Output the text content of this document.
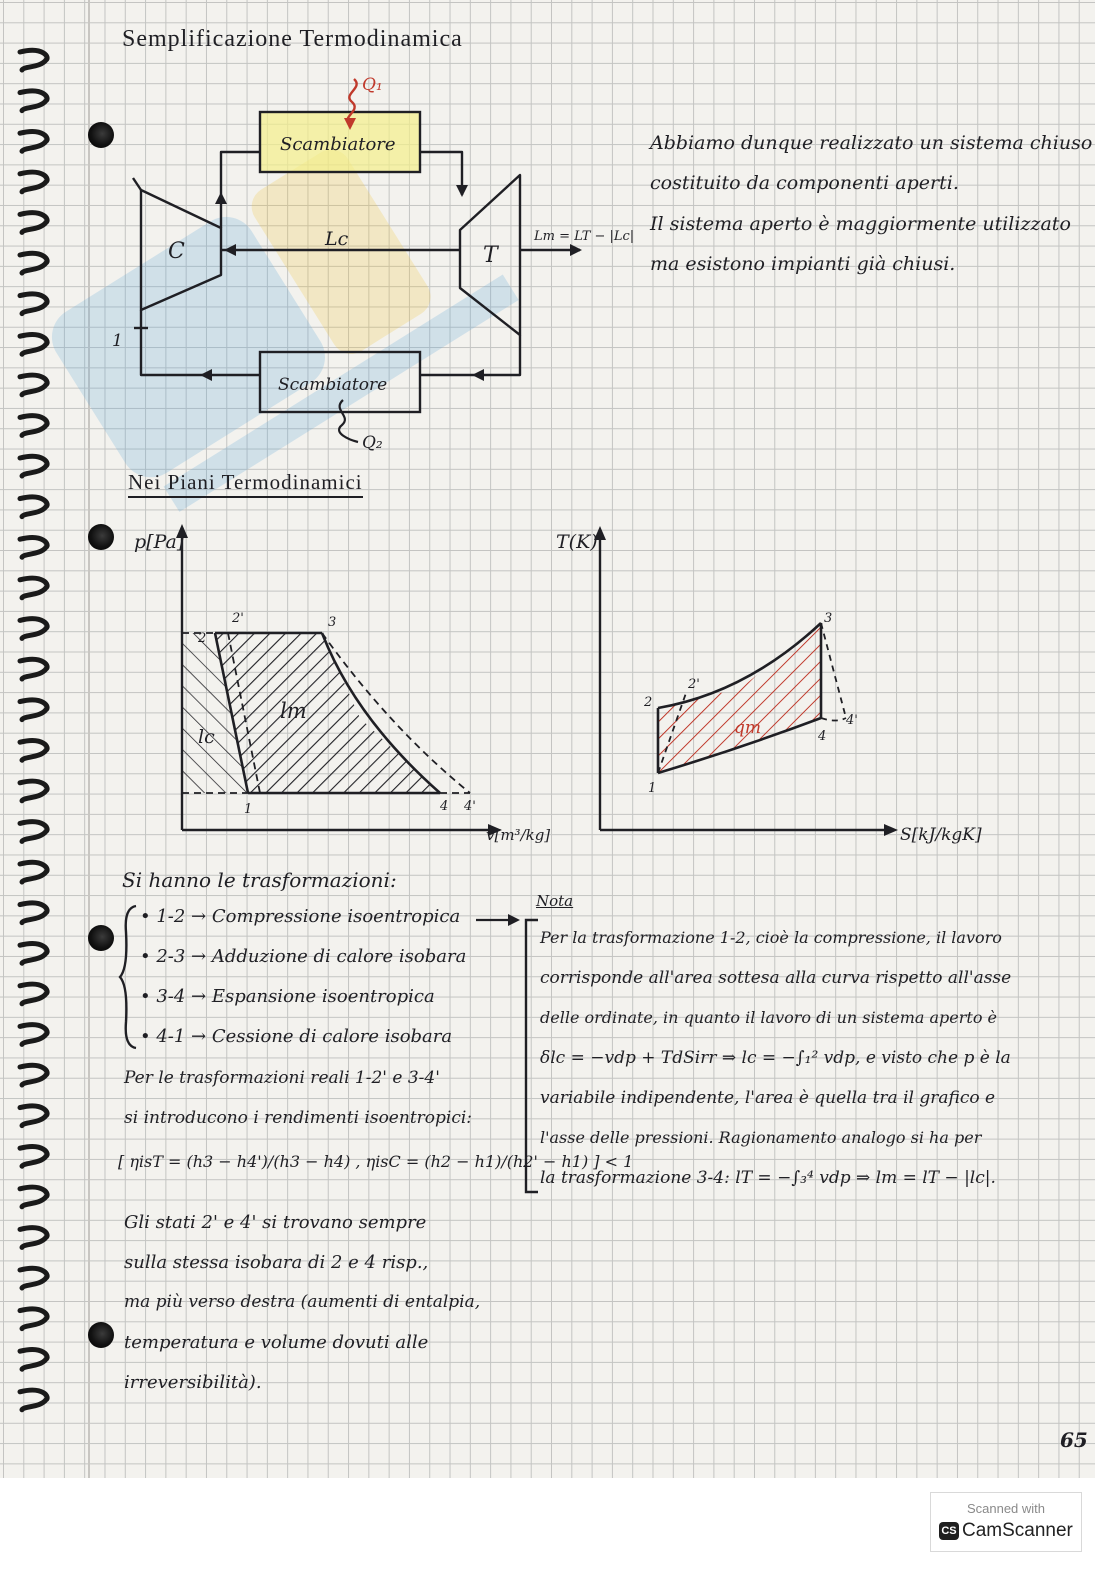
Semplificazione Termodinamica
Scambiatore
Scambiatore
Q₁
Q₂
C	T
Lc	Lm = LT − |Lc|
1
Abbiamo dunque realizzato un sistema chiuso
costituito da componenti aperti.
Il sistema aperto è maggiormente utilizzato
ma esistono impianti già chiusi.
Nei Piani Termodinamici
p[Pa]
v[m³/kg]
lc
lm
1
2
2'	3
4 4'
T(K)
S[kJ/kgK]
qm
1
2
2'
3
4
4'
Si hanno le trasformazioni:
• 1-2 → Compressione isoentropica
• 2-3 → Adduzione di calore isobara
• 3-4 → Espansione isoentropica
• 4-1 → Cessione di calore isobara
Per le trasformazioni reali 1-2' e 3-4'
si introducono i rendimenti isoentropici:
[ ηisT = (h3 − h4')/(h3 − h4) , ηisC = (h2 − h1)/(h2' − h1) ] < 1
Gli stati 2' e 4' si trovano sempre
sulla stessa isobara di 2 e 4 risp.,
ma più verso destra (aumenti di entalpia,
temperatura e volume dovuti alle
irreversibilità).
Nota
Per la trasformazione 1-2, cioè la compressione, il lavoro
corrisponde all'area sottesa alla curva rispetto all'asse
delle ordinate, in quanto il lavoro di un sistema aperto è
δlc = −vdp + TdSirr ⇒ lc = −∫₁² vdp, e visto che p è la
variabile indipendente, l'area è quella tra il grafico e
l'asse delle pressioni. Ragionamento analogo si ha per
la trasformazione 3-4: lT = −∫₃⁴ vdp ⇒ lm = lT − |lc|.
65
Scanned with
CS CamScanner
